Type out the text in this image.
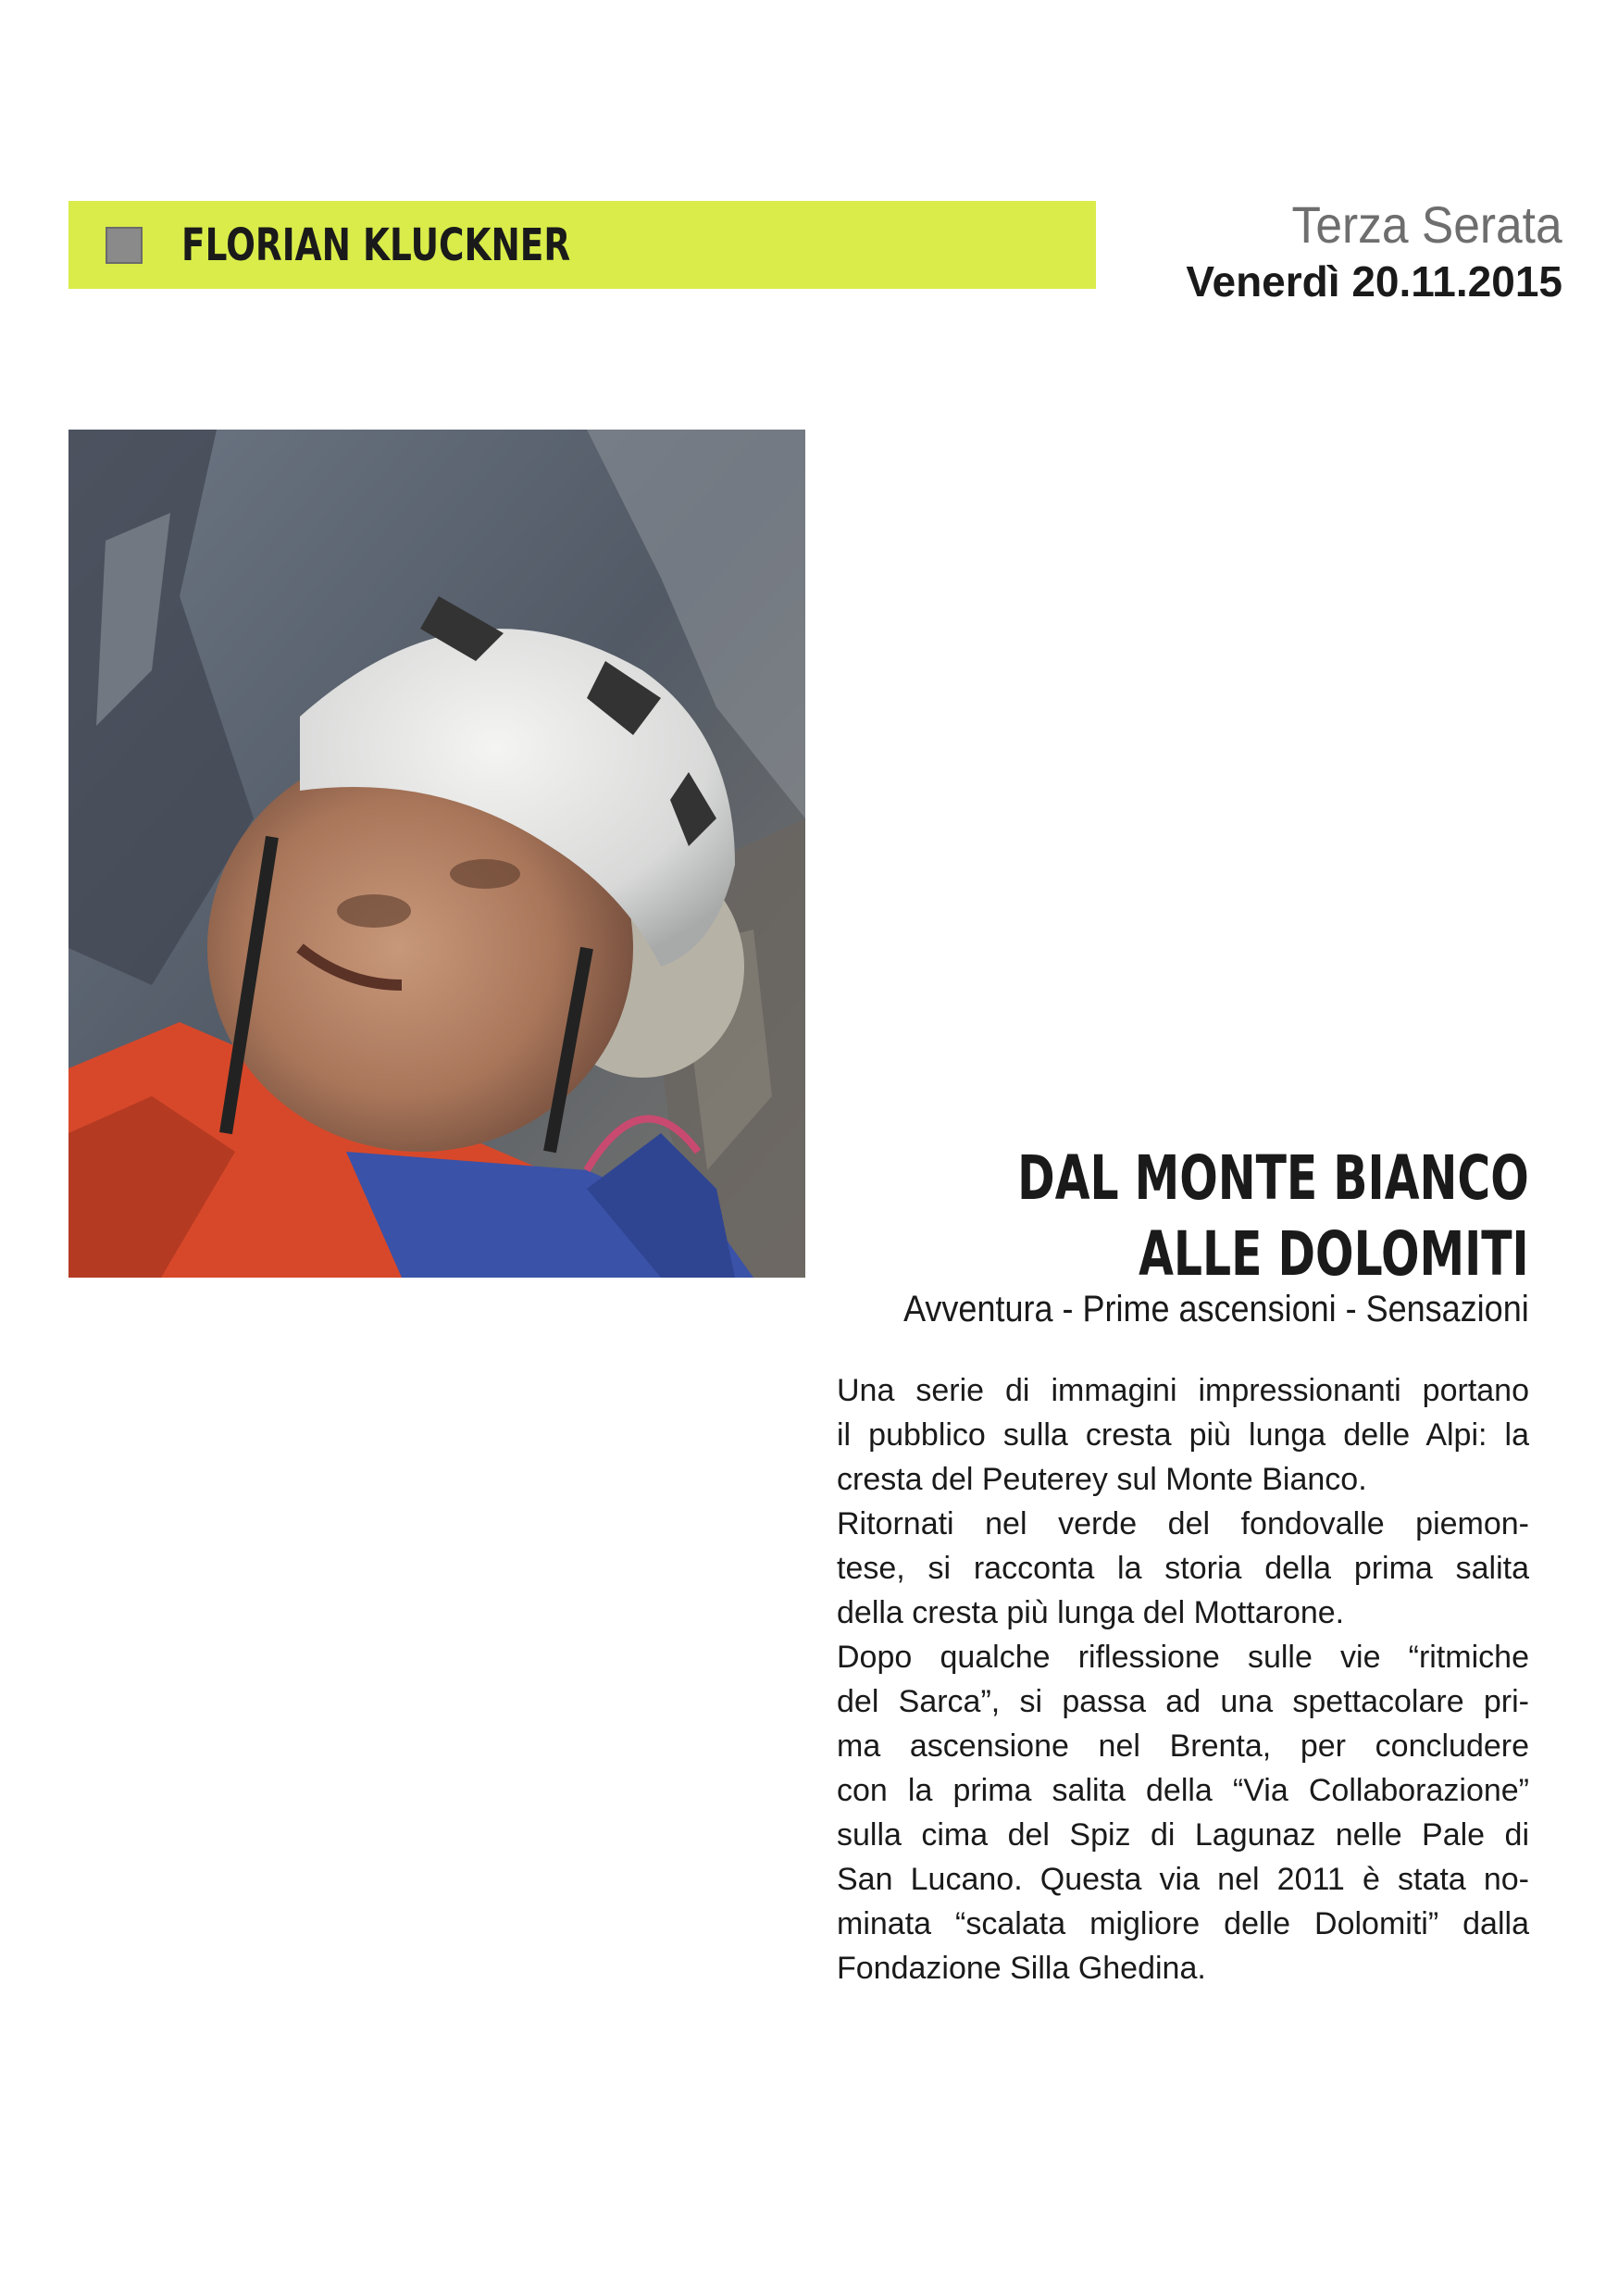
FLORIAN KLUCKNER	Terza Serata
Venerdì 20.11.2015
DAL MONTE BIANCO
ALLE DOLOMITI
Avventura - Prime ascensioni - Sensazioni
Una serie di immagini impressionanti portano
il pubblico sulla cresta più lunga delle Alpi: la
cresta del Peuterey sul Monte Bianco.
Ritornati nel verde del fondovalle piemon-
tese, si racconta la storia della prima salita
della cresta più lunga del Mottarone.
Dopo qualche riflessione sulle vie “ritmiche
del Sarca”, si passa ad una spettacolare pri-
ma ascensione nel Brenta, per concludere
con la prima salita della “Via Collaborazione”
sulla cima del Spiz di Lagunaz nelle Pale di
San Lucano. Questa via nel 2011 è stata no-
minata “scalata migliore delle Dolomiti” dalla
Fondazione Silla Ghedina.
